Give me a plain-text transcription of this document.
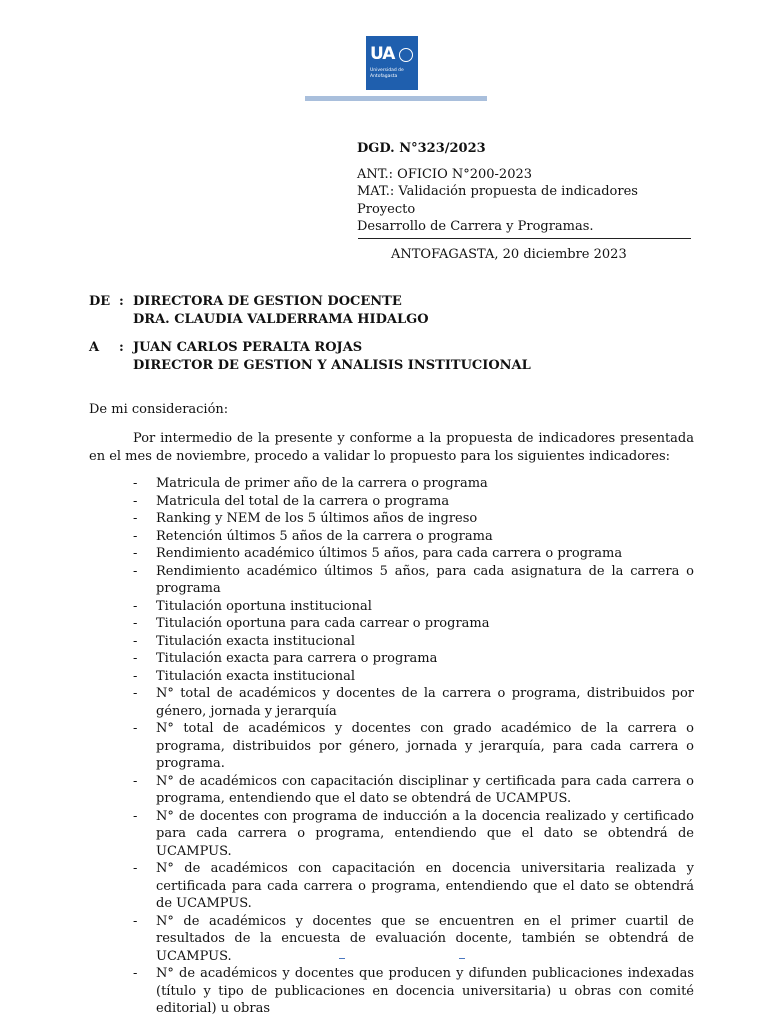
UA
Universidad de Antofagasta
DGD. N°323/2023
ANT.: OFICIO N°200-2023
MAT.: Validación propuesta de indicadores Proyecto
Desarrollo de Carrera y Programas.
ANTOFAGASTA, 20 diciembre 2023
DE : DIRECTORA DE GESTION DOCENTE
DRA. CLAUDIA VALDERRAMA HIDALGO
A : JUAN CARLOS PERALTA ROJAS
DIRECTOR DE GESTION Y ANALISIS INSTITUCIONAL
De mi consideración:
Por intermedio de la presente y conforme a la propuesta de indicadores presentada en el mes de noviembre, procedo a validar lo propuesto para los siguientes indicadores:
- Matricula de primer año de la carrera o programa
- Matricula del total de la carrera o programa
- Ranking y NEM de los 5 últimos años de ingreso
- Retención últimos 5 años de la carrera o programa
- Rendimiento académico últimos 5 años, para cada carrera o programa
- Rendimiento académico últimos 5 años, para cada asignatura de la carrera o programa
- Titulación oportuna institucional
- Titulación oportuna para cada carrear o programa
- Titulación exacta institucional
- Titulación exacta para carrera o programa
- Titulación exacta institucional
- N° total de académicos y docentes de la carrera o programa, distribuidos por género, jornada y jerarquía
- N° total de académicos y docentes con grado académico de la carrera o programa, distribuidos por género, jornada y jerarquía, para cada carrera o programa.
- N° de académicos con capacitación disciplinar y certificada para cada carrera o programa, entendiendo que el dato se obtendrá de UCAMPUS.
- N° de docentes con programa de inducción a la docencia realizado y certificado para cada carrera o programa, entendiendo que el dato se obtendrá de UCAMPUS.
- N° de académicos con capacitación en docencia universitaria realizada y certificada para cada carrera o programa, entendiendo que el dato se obtendrá de UCAMPUS.
- N° de académicos y docentes que se encuentren en el primer cuartil de resultados de la encuesta de evaluación docente, también se obtendrá de UCAMPUS.
- N° de académicos y docentes que producen y difunden publicaciones indexadas (título y tipo de publicaciones en docencia universitaria) u obras con comité editorial) u obras
